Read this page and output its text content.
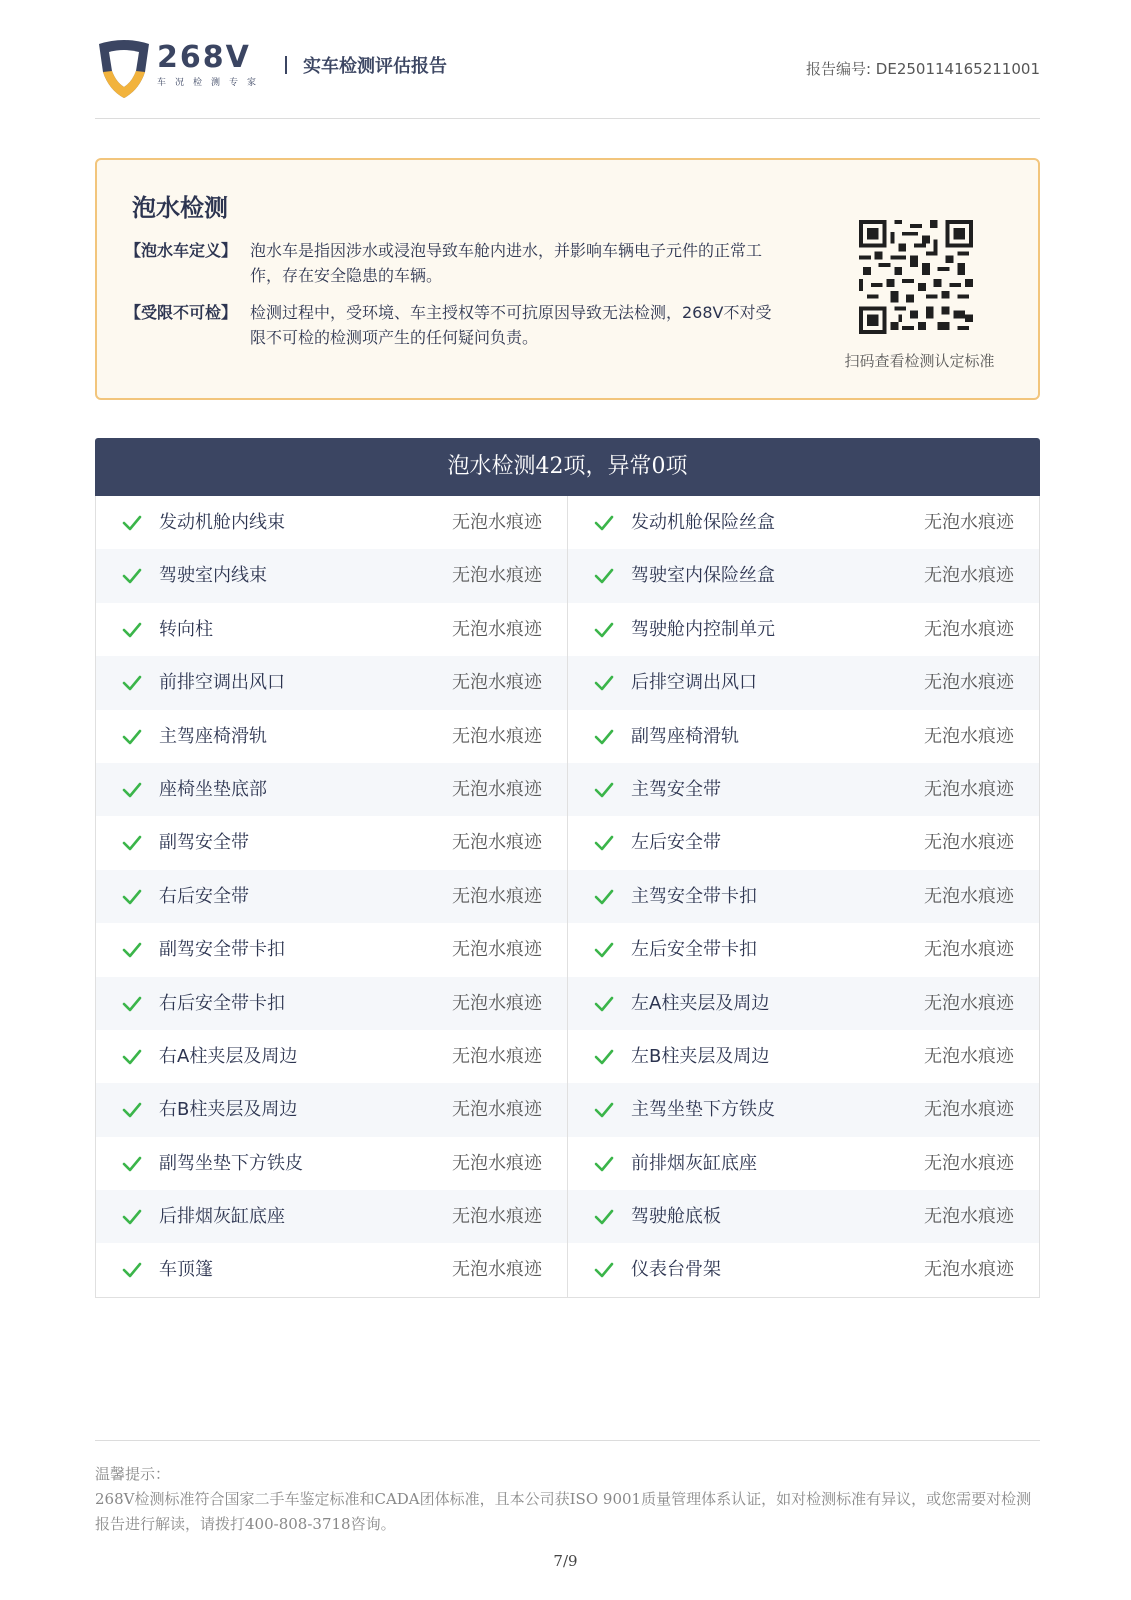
268V
车况检测专家
实车检测评估报告	报告编号: DE250114165211001
泡水检测
【泡水车定义】 泡水车是指因涉水或浸泡导致车舱内进水，并影响车辆电子元件的正常工作，存在安全隐患的车辆。
【受限不可检】 检测过程中，受环境、车主授权等不可抗原因导致无法检测，268V不对受限不可检的检测项产生的任何疑问负责。
扫码查看检测认定标准
泡水检测42项，异常0项
发动机舱内线束	无泡水痕迹	发动机舱保险丝盒	无泡水痕迹
驾驶室内线束	无泡水痕迹	驾驶室内保险丝盒	无泡水痕迹
转向柱	无泡水痕迹	驾驶舱内控制单元	无泡水痕迹
前排空调出风口	无泡水痕迹	后排空调出风口	无泡水痕迹
主驾座椅滑轨	无泡水痕迹	副驾座椅滑轨	无泡水痕迹
座椅坐垫底部	无泡水痕迹	主驾安全带	无泡水痕迹
副驾安全带	无泡水痕迹	左后安全带	无泡水痕迹
右后安全带	无泡水痕迹	主驾安全带卡扣	无泡水痕迹
副驾安全带卡扣	无泡水痕迹	左后安全带卡扣	无泡水痕迹
右后安全带卡扣	无泡水痕迹	左A柱夹层及周边	无泡水痕迹
右A柱夹层及周边	无泡水痕迹	左B柱夹层及周边	无泡水痕迹
右B柱夹层及周边	无泡水痕迹	主驾坐垫下方铁皮	无泡水痕迹
副驾坐垫下方铁皮	无泡水痕迹	前排烟灰缸底座	无泡水痕迹
后排烟灰缸底座	无泡水痕迹	驾驶舱底板	无泡水痕迹
车顶篷	无泡水痕迹	仪表台骨架	无泡水痕迹
温馨提示：
268V检测标准符合国家二手车鉴定标准和CADA团体标准，且本公司获ISO 9001质量管理体系认证，如对检测标准有异议，或您需要对检测报告进行解读，请拨打400-808-3718咨询。
7/9
